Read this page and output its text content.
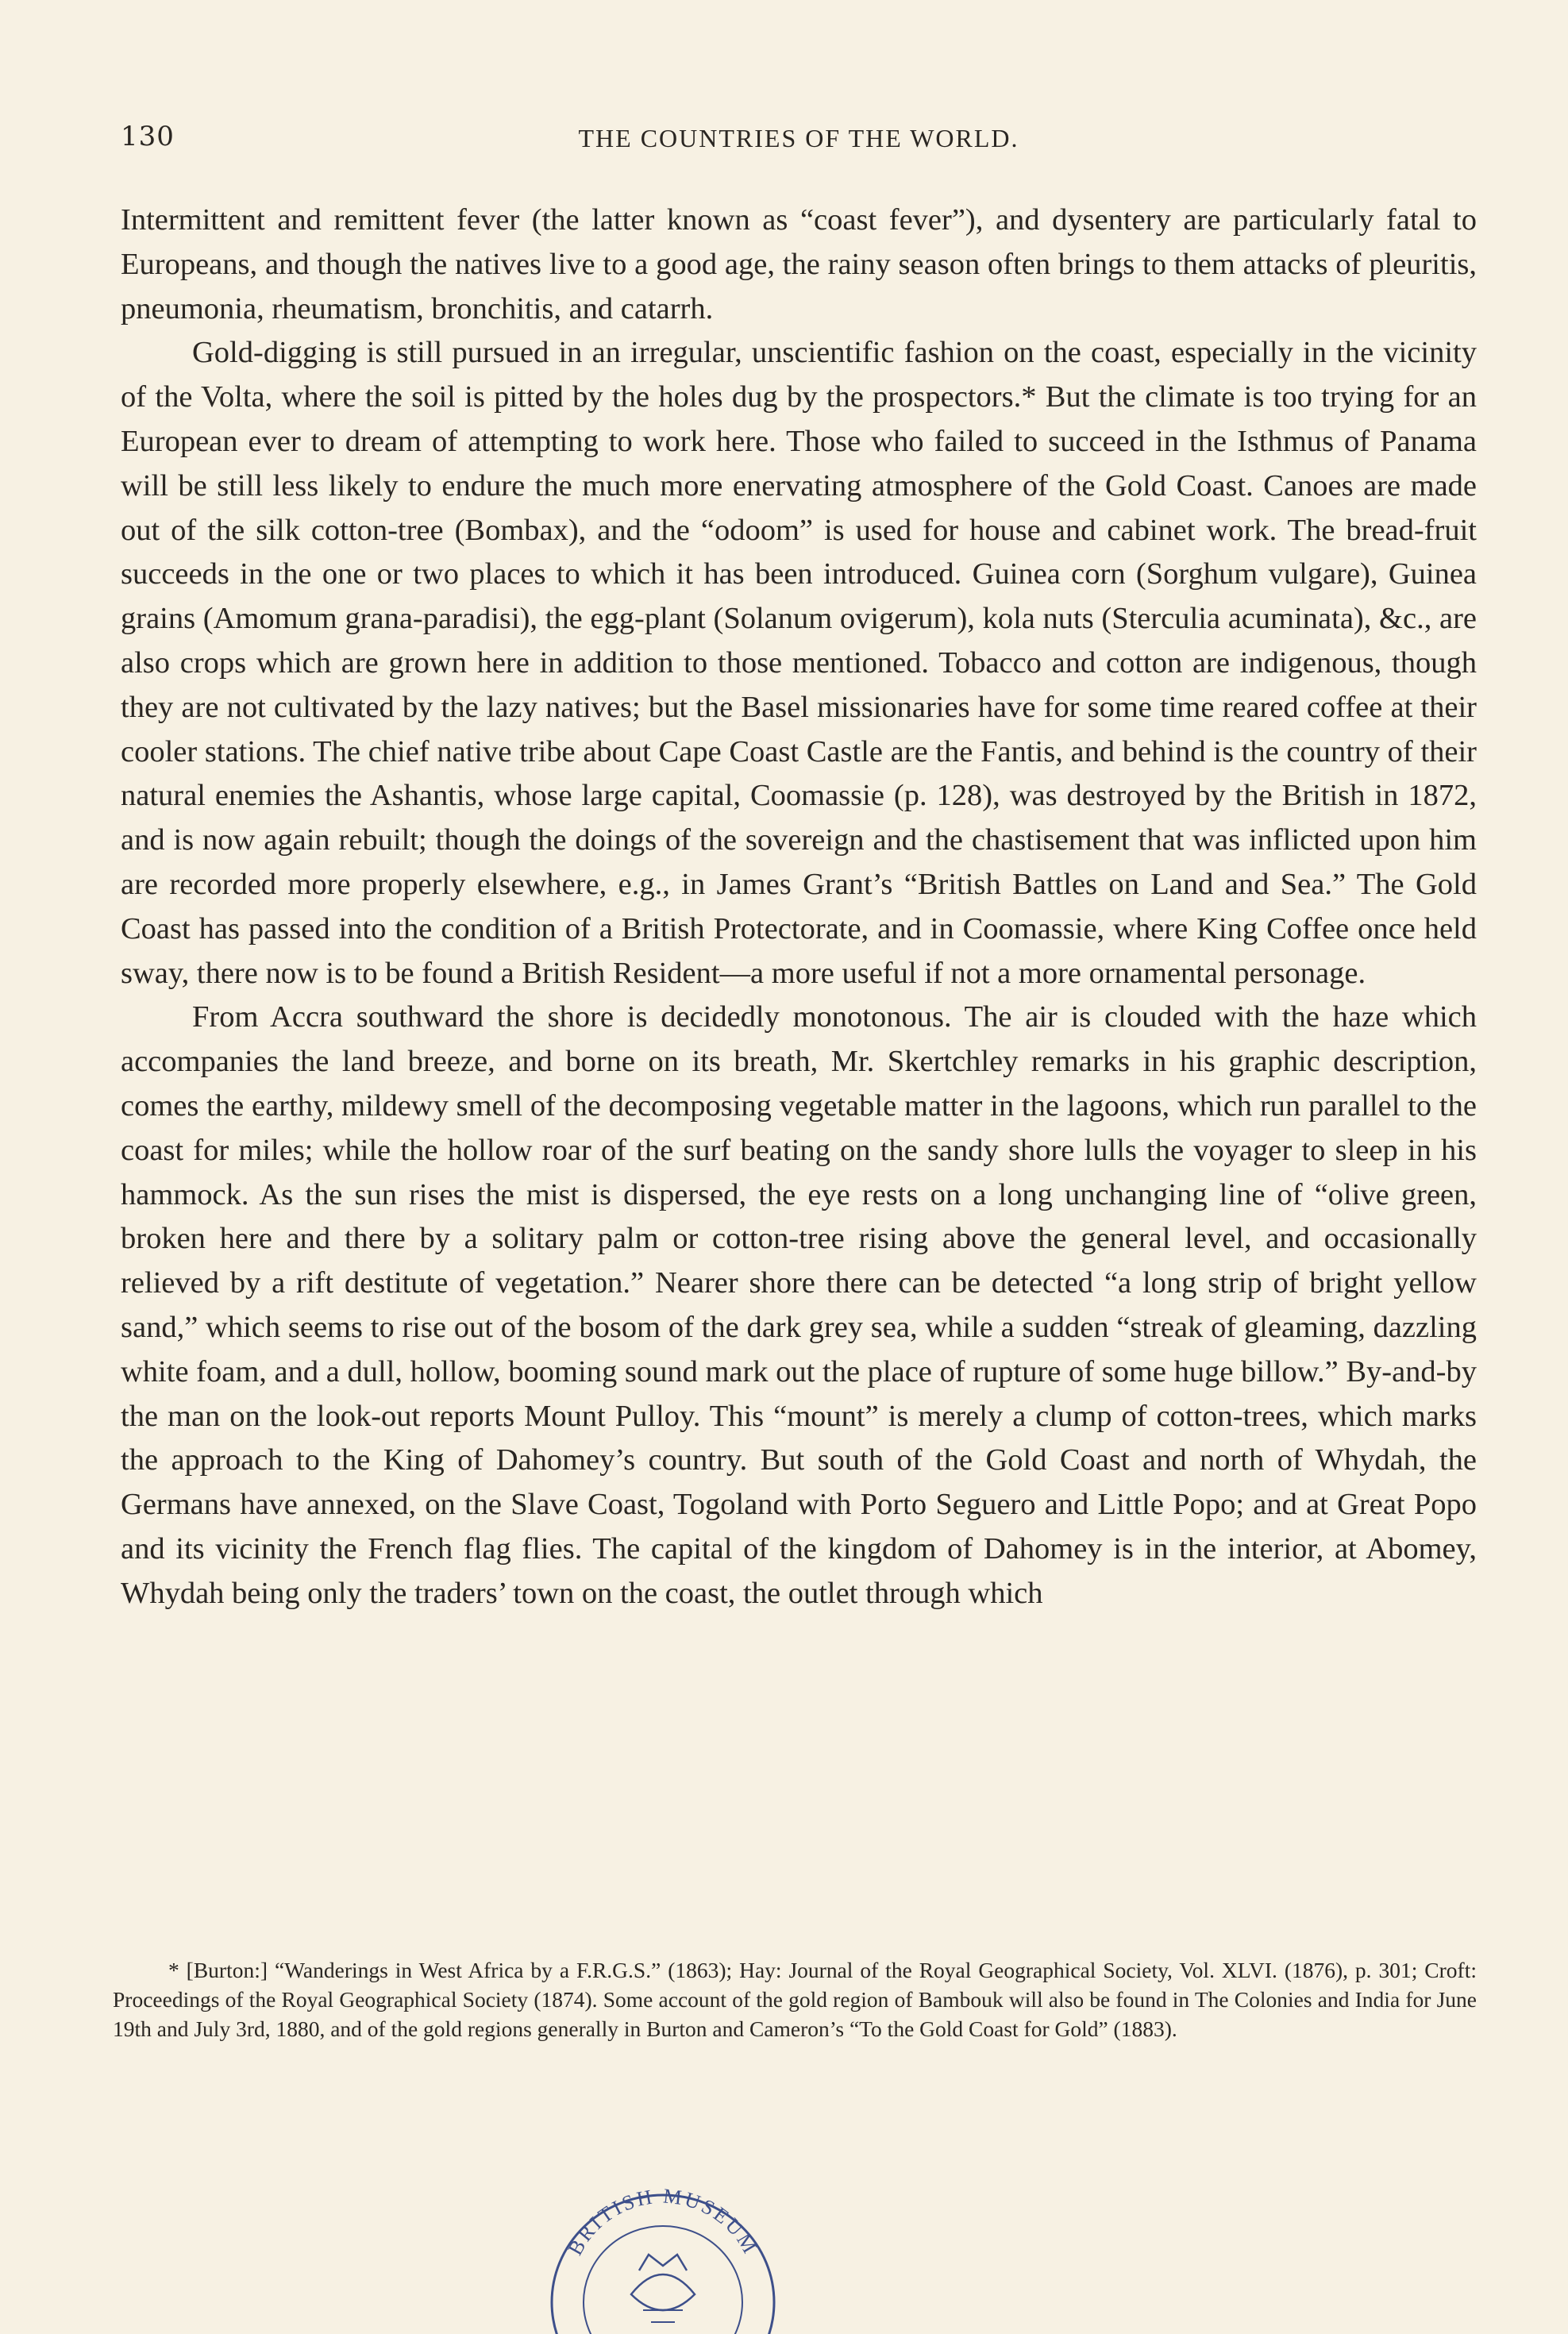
130	THE COUNTRIES OF THE WORLD.

Intermittent and remittent fever (the latter known as “coast fever”), and dysentery are particularly fatal to Europeans, and though the natives live to a good age, the rainy season often brings to them attacks of pleuritis, pneumonia, rheumatism, bronchitis, and catarrh.

Gold-digging is still pursued in an irregular, unscientific fashion on the coast, especially in the vicinity of the Volta, where the soil is pitted by the holes dug by the prospectors.* But the climate is too trying for an European ever to dream of attempting to work here. Those who failed to succeed in the Isthmus of Panama will be still less likely to endure the much more enervating atmosphere of the Gold Coast. Canoes are made out of the silk cotton-tree (Bombax), and the “odoom” is used for house and cabinet work. The bread-fruit succeeds in the one or two places to which it has been introduced. Guinea corn (Sorghum vulgare), Guinea grains (Amomum grana-paradisi), the egg-plant (Solanum ovigerum), kola nuts (Sterculia acuminata), &c., are also crops which are grown here in addition to those mentioned. Tobacco and cotton are indigenous, though they are not cultivated by the lazy natives; but the Basel missionaries have for some time reared coffee at their cooler stations. The chief native tribe about Cape Coast Castle are the Fantis, and behind is the country of their natural enemies the Ashantis, whose large capital, Coomassie (p. 128), was destroyed by the British in 1872, and is now again rebuilt; though the doings of the sovereign and the chastisement that was inflicted upon him are recorded more properly elsewhere, e.g., in James Grant’s “British Battles on Land and Sea.” The Gold Coast has passed into the condition of a British Protectorate, and in Coomassie, where King Coffee once held sway, there now is to be found a British Resident—a more useful if not a more ornamental personage.

From Accra southward the shore is decidedly monotonous. The air is clouded with the haze which accompanies the land breeze, and borne on its breath, Mr. Skertchley remarks in his graphic description, comes the earthy, mildewy smell of the decomposing vegetable matter in the lagoons, which run parallel to the coast for miles; while the hollow roar of the surf beating on the sandy shore lulls the voyager to sleep in his hammock. As the sun rises the mist is dispersed, the eye rests on a long unchanging line of “olive green, broken here and there by a solitary palm or cotton-tree rising above the general level, and occasionally relieved by a rift destitute of vegetation.” Nearer shore there can be detected “a long strip of bright yellow sand,” which seems to rise out of the bosom of the dark grey sea, while a sudden “streak of gleaming, dazzling white foam, and a dull, hollow, booming sound mark out the place of rupture of some huge billow.” By-and-by the man on the look-out reports Mount Pulloy. This “mount” is merely a clump of cotton-trees, which marks the approach to the King of Dahomey’s country. But south of the Gold Coast and north of Whydah, the Germans have annexed, on the Slave Coast, Togoland with Porto Seguero and Little Popo; and at Great Popo and its vicinity the French flag flies. The capital of the kingdom of Dahomey is in the interior, at Abomey, Whydah being only the traders’ town on the coast, the outlet through which

* [Burton:] “Wanderings in West Africa by a F.R.G.S.” (1863); Hay: Journal of the Royal Geographical Society, Vol. XLVI. (1876), p. 301; Croft: Proceedings of the Royal Geographical Society (1874). Some account of the gold region of Bambouk will also be found in The Colonies and India for June 19th and July 3rd, 1880, and of the gold regions generally in Burton and Cameron’s “To the Gold Coast for Gold” (1883).
BRITISH MUSEUM
